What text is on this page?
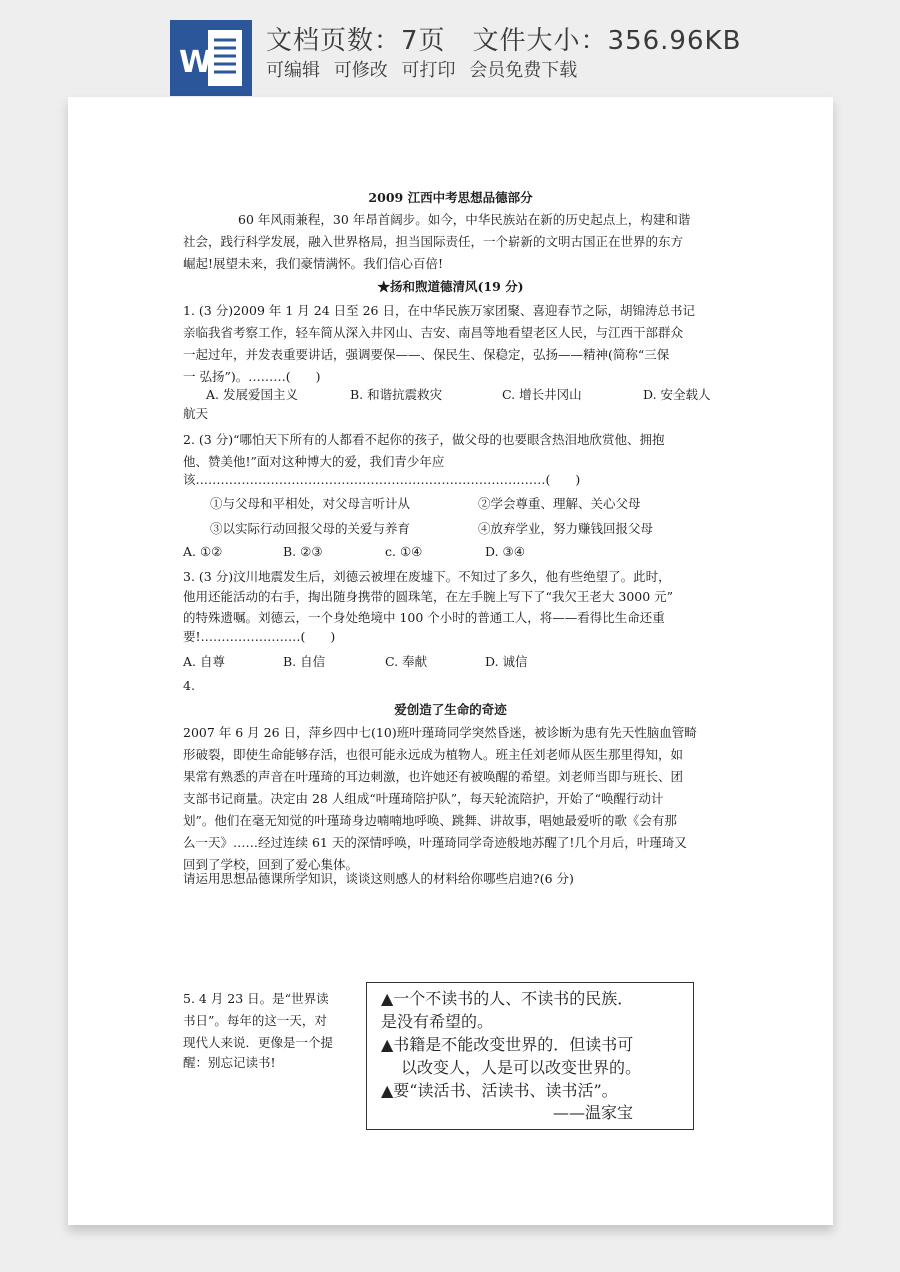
W
文档页数：7页　文件大小：356.96KB
可编辑 可修改 可打印 会员免费下载
2009 江西中考思想品德部分
60 年风雨兼程，30 年昂首阔步。如今，中华民族站在新的历史起点上，构建和谐
社会，践行科学发展，融入世界格局，担当国际责任，一个崭新的文明古国正在世界的东方
崛起!展望未来，我们豪情满怀。我们信心百倍!
★扬和煦道德清风(19 分)
1. (3 分)2009 年 1 月 24 日至 26 日，在中华民族万家团聚、喜迎春节之际，胡锦涛总书记
亲临我省考察工作，轻车简从深入井冈山、吉安、南昌等地看望老区人民，与江西干部群众
一起过年，并发表重要讲话，强调要保——、保民生、保稳定，弘扬——精神(简称“三保
一 弘扬”)。………(　　)
A. 发展爱国主义	B. 和谐抗震救灾	C. 增长井冈山	D. 安全载人
航天
2. (3 分)“哪怕天下所有的人都看不起你的孩子，做父母的也要眼含热泪地欣赏他、拥抱
他、赞美他!”面对这种博大的爱，我们青少年应
该…………………………………………………………………………(　　)
①与父母和平相处，对父母言听计从	②学会尊重、理解、关心父母
③以实际行动回报父母的关爱与养育	④放弃学业，努力赚钱回报父母
A. ①②	B. ②③	c. ①④	D. ③④
3. (3 分)汶川地震发生后，刘德云被埋在废墟下。不知过了多久，他有些绝望了。此时，
他用还能活动的右手，掏出随身携带的圆珠笔，在左手腕上写下了“我欠王老大 3000 元”
的特殊遗嘱。刘德云，一个身处绝境中 100 个小时的普通工人，将——看得比生命还重
要!……………………(　　)
A. 自尊	B. 自信	C. 奉献	D. 诚信
4.
爱创造了生命的奇迹
2007 年 6 月 26 日，萍乡四中七(10)班叶瑾琦同学突然昏迷，被诊断为患有先天性脑血管畸
形破裂，即使生命能够存活，也很可能永远成为植物人。班主任刘老师从医生那里得知，如
果常有熟悉的声音在叶瑾琦的耳边刺激，也许她还有被唤醒的希望。刘老师当即与班长、团
支部书记商量。决定由 28 人组成“叶瑾琦陪护队”，每天轮流陪护，开始了“唤醒行动计
划”。他们在毫无知觉的叶瑾琦身边喃喃地呼唤、跳舞、讲故事，唱她最爱听的歌《会有那
么一天》……经过连续 61 天的深情呼唤，叶瑾琦同学奇迹般地苏醒了!几个月后，叶瑾琦又
回到了学校，回到了爱心集体。
请运用思想品德课所学知识，谈谈这则感人的材料给你哪些启迪?(6 分)
5. 4 月 23 日。是“世界读
书日”。每年的这一天，对
现代人来说．更像是一个提
醒：别忘记读书!
▲一个不读书的人、不读书的民族．
是没有希望的。
▲书籍是不能改变世界的．但读书可
以改变人，人是可以改变世界的。
▲要“读活书、活读书、读书活”。
——温家宝
